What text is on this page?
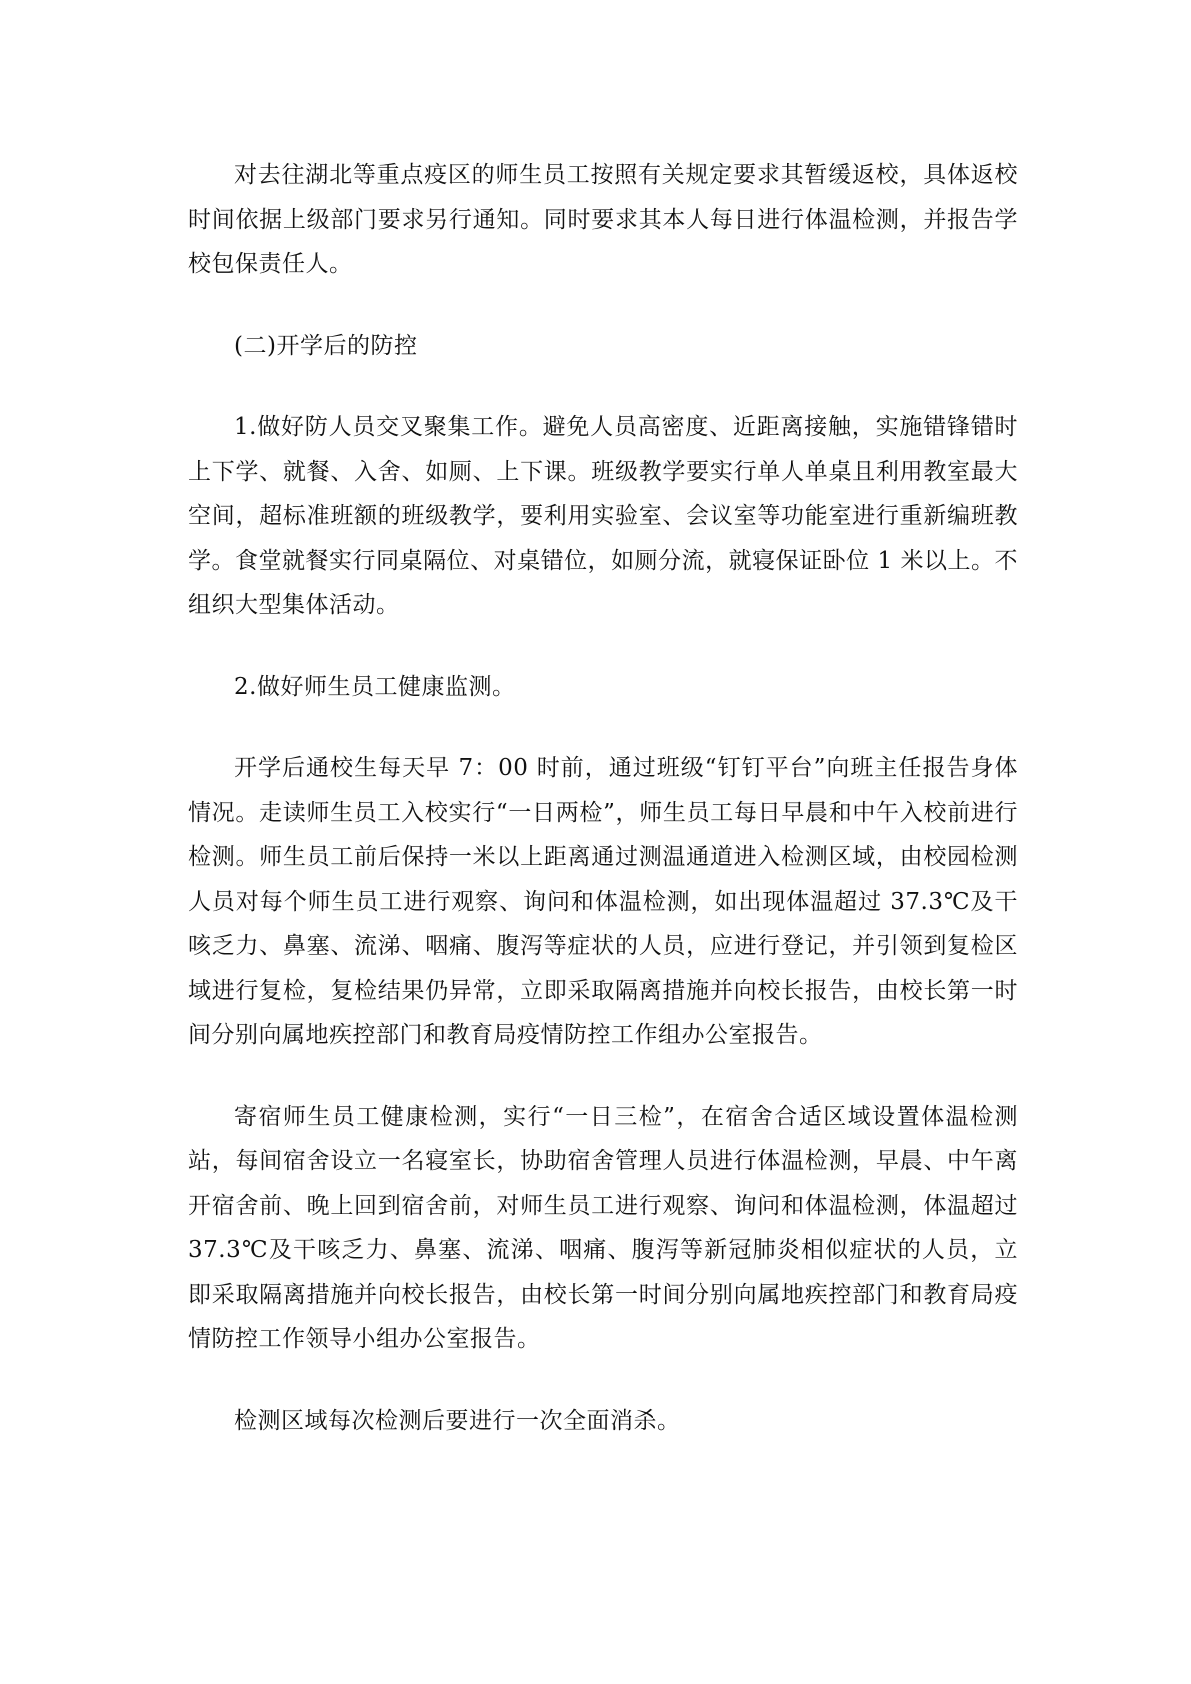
对去往湖北等重点疫区的师生员工按照有关规定要求其暂缓返校，具体返校时间依据上级部门要求另行通知。同时要求其本人每日进行体温检测，并报告学校包保责任人。

(二)开学后的防控

1.做好防人员交叉聚集工作。避免人员高密度、近距离接触，实施错锋错时上下学、就餐、入舍、如厕、上下课。班级教学要实行单人单桌且利用教室最大空间，超标准班额的班级教学，要利用实验室、会议室等功能室进行重新编班教学。食堂就餐实行同桌隔位、对桌错位，如厕分流，就寝保证卧位 1 米以上。不组织大型集体活动。

2.做好师生员工健康监测。

开学后通校生每天早 7：00 时前，通过班级“钉钉平台”向班主任报告身体情况。走读师生员工入校实行“一日两检”，师生员工每日早晨和中午入校前进行检测。师生员工前后保持一米以上距离通过测温通道进入检测区域，由校园检测人员对每个师生员工进行观察、询问和体温检测，如出现体温超过 37.3℃及干咳乏力、鼻塞、流涕、咽痛、腹泻等症状的人员，应进行登记，并引领到复检区域进行复检，复检结果仍异常，立即采取隔离措施并向校长报告，由校长第一时间分别向属地疾控部门和教育局疫情防控工作组办公室报告。

寄宿师生员工健康检测，实行“一日三检”，在宿舍合适区域设置体温检测站，每间宿舍设立一名寝室长，协助宿舍管理人员进行体温检测，早晨、中午离开宿舍前、晚上回到宿舍前，对师生员工进行观察、询问和体温检测，体温超过 37.3℃及干咳乏力、鼻塞、流涕、咽痛、腹泻等新冠肺炎相似症状的人员，立即采取隔离措施并向校长报告，由校长第一时间分别向属地疾控部门和教育局疫情防控工作领导小组办公室报告。

检测区域每次检测后要进行一次全面消杀。
